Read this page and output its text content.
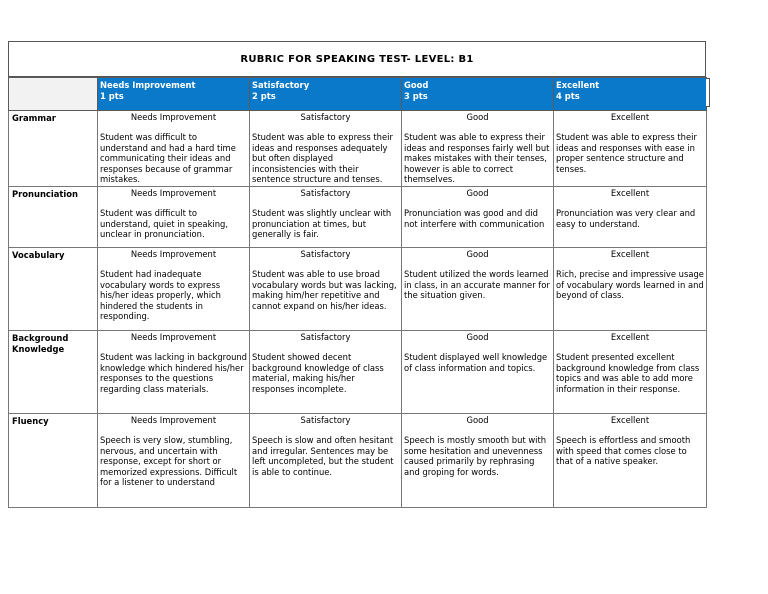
RUBRIC FOR SPEAKING TEST- LEVEL: B1
	Needs Improvement
1 pts	Satisfactory
2 pts	Good
3 pts	Excellent
4 pts

Grammar	Needs Improvement
Student was difficult to understand and had a hard time communicating their ideas and responses because of grammar mistakes.	Satisfactory
Student was able to express their ideas and responses adequately but often displayed inconsistencies with their sentence structure and tenses.	Good
Student was able to express their ideas and responses fairly well but makes mistakes with their tenses, however is able to correct themselves.	Excellent
Student was able to express their ideas and responses with ease in proper sentence structure and tenses.

Pronunciation	Needs Improvement
Student was difficult to understand, quiet in speaking, unclear in pronunciation.	Satisfactory
Student was slightly unclear with pronunciation at times, but generally is fair.	Good
Pronunciation was good and did not interfere with communication	Excellent
Pronunciation was very clear and easy to understand.

Vocabulary	Needs Improvement
Student had inadequate vocabulary words to express his/her ideas properly, which hindered the students in responding.	Satisfactory
Student was able to use broad vocabulary words but was lacking, making him/her repetitive and cannot expand on his/her ideas.	Good
Student utilized the words learned in class, in an accurate manner for the situation given.	Excellent
Rich, precise and impressive usage of vocabulary words learned in and beyond of class.

Background Knowledge	Needs Improvement
Student was lacking in background knowledge which hindered his/her responses to the questions regarding class materials.	Satisfactory
Student showed decent background knowledge of class material, making his/her responses incomplete.	Good
Student displayed well knowledge of class information and topics.	Excellent
Student presented excellent background knowledge from class topics and was able to add more information in their response.

Fluency	Needs Improvement
Speech is very slow, stumbling, nervous, and uncertain with response, except for short or memorized expressions. Difficult for a listener to understand	Satisfactory
Speech is slow and often hesitant and irregular. Sentences may be left uncompleted, but the student is able to continue.	Good
Speech is mostly smooth but with some hesitation and unevenness caused primarily by rephrasing and groping for words.	Excellent
Speech is effortless and smooth with speed that comes close to that of a native speaker.
